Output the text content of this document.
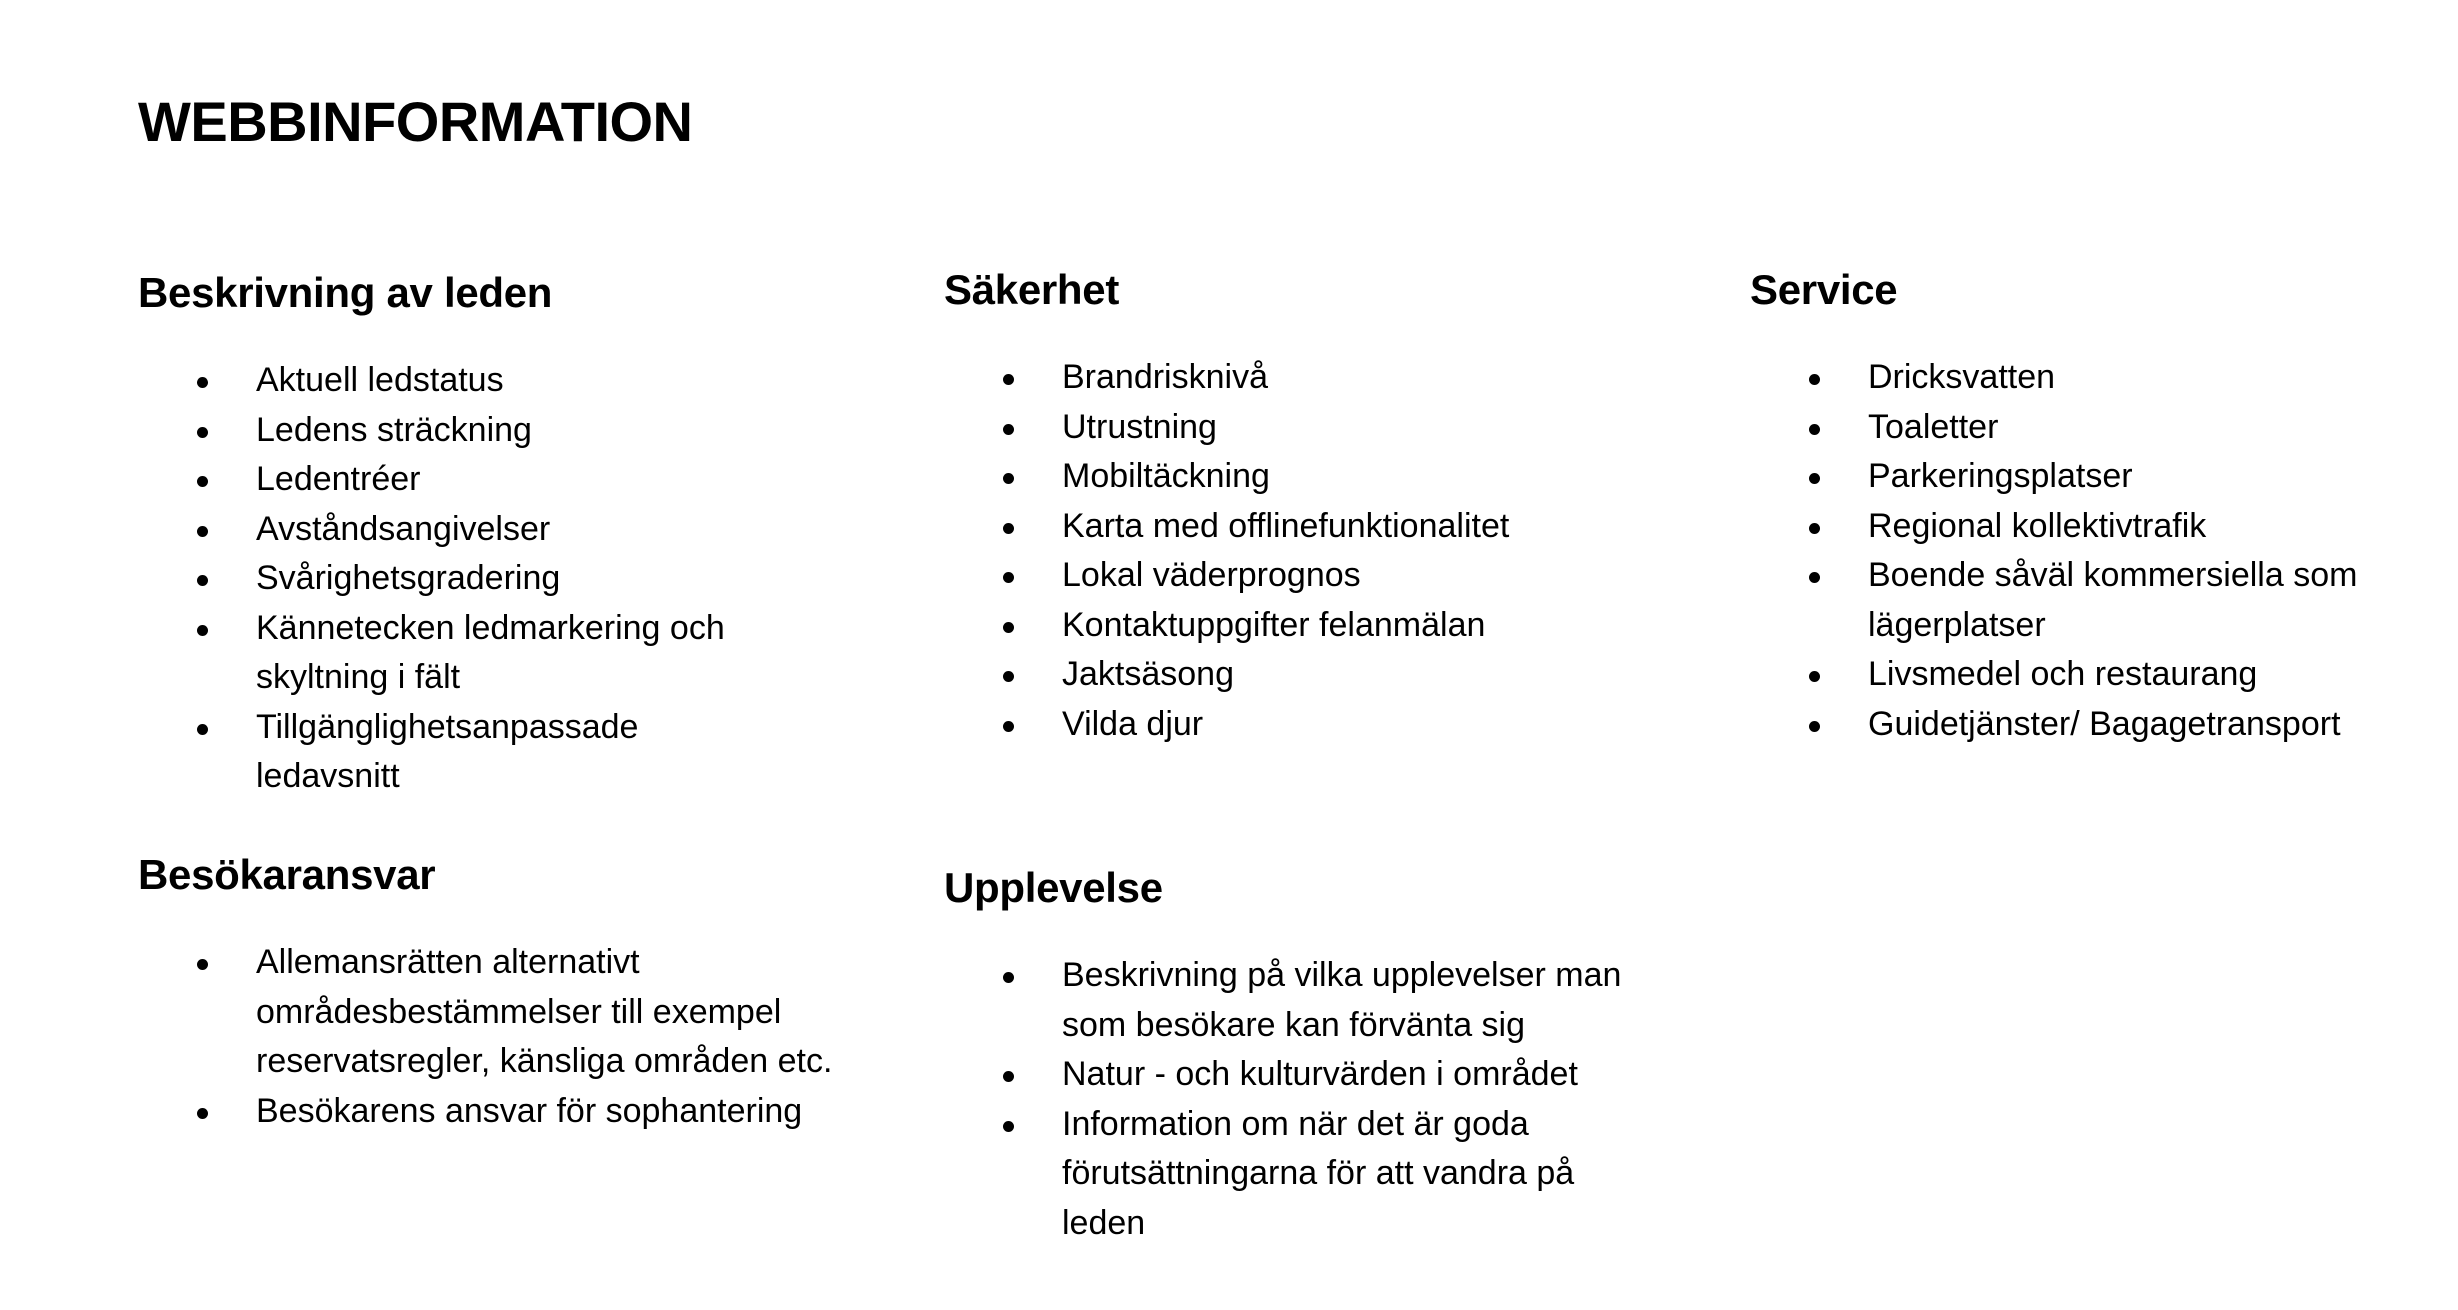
WEBBINFORMATION
Beskrivning av leden
Aktuell ledstatus
Ledens sträckning
Ledentréer
Avståndsangivelser
Svårighetsgradering
Kännetecken ledmarkering och skyltning i fält
Tillgänglighetsanpassade ledavsnitt
Säkerhet
Brandrisknivå
Utrustning
Mobiltäckning
Karta med offlinefunktionalitet
Lokal väderprognos
Kontaktuppgifter felanmälan
Jaktsäsong
Vilda djur
Service
Dricksvatten
Toaletter
Parkeringsplatser
Regional kollektivtrafik
Boende såväl kommersiella som lägerplatser
Livsmedel och restaurang
Guidetjänster/ Bagagetransport
Besökaransvar
Allemansrätten alternativt områdesbestämmelser till exempel reservatsregler, känsliga områden etc.
Besökarens ansvar för sophantering
Upplevelse
Beskrivning på vilka upplevelser man som besökare kan förvänta sig
Natur - och kulturvärden i området
Information om när det är goda förutsättningarna för att vandra på leden
